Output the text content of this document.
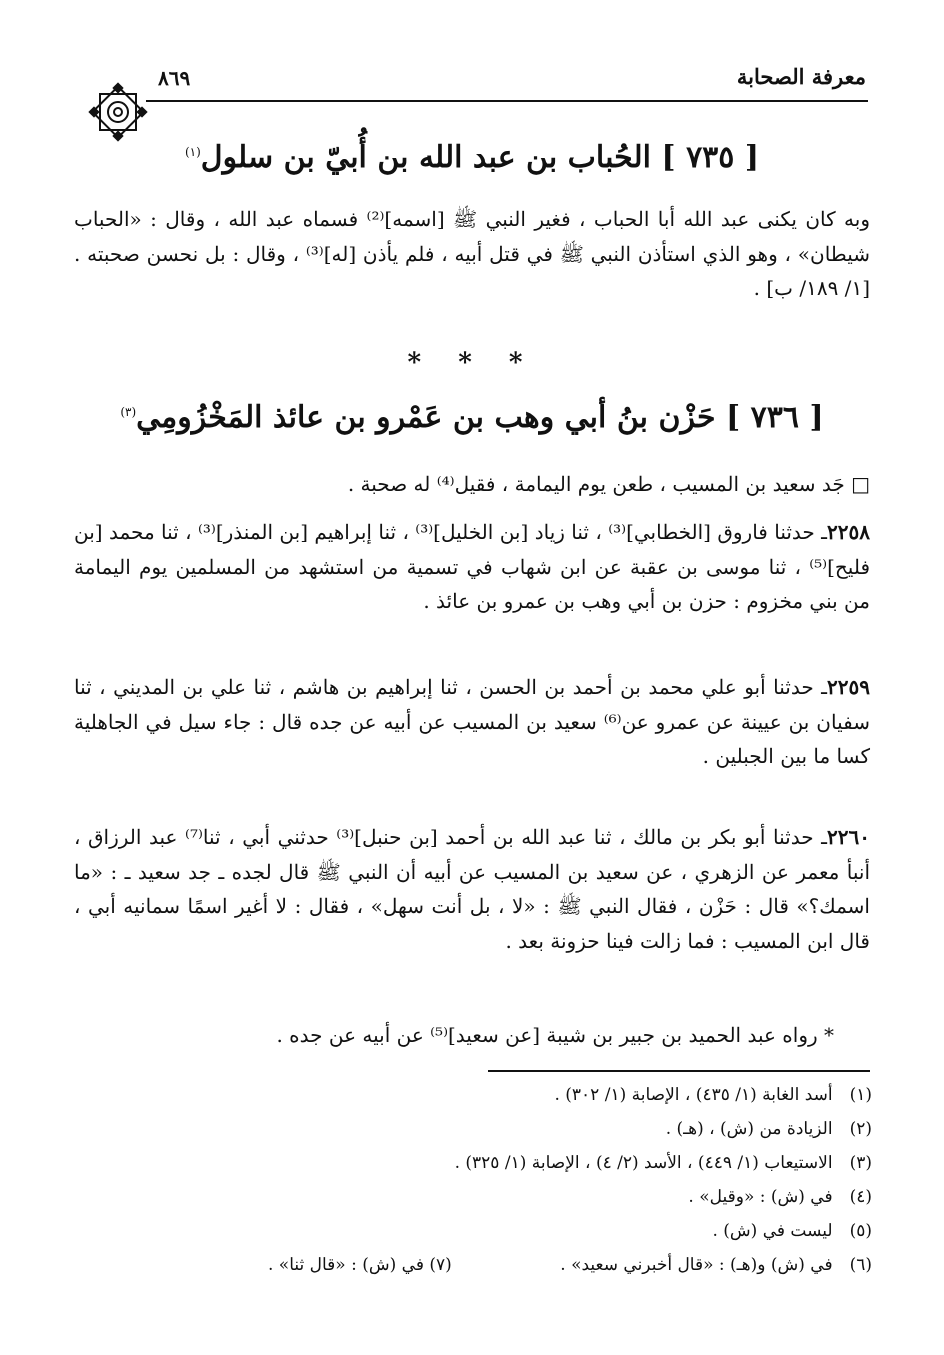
معرفة الصحابة
٨٦٩
[ ٧٣٥ ] الحُباب بن عبد الله بن أُبيّ بن سلول$^{(١)}$

وبه كان يكنى عبد الله أبا الحباب ، فغير النبي ﷺ [اسمه]⁽²⁾ فسماه عبد الله ، وقال : «الحباب شيطان» ، وهو الذي استأذن النبي ﷺ في قتل أبيه ، فلم يأذن [له]⁽³⁾ ، وقال : بل نحسن صحبته . [١/ ١٨٩/ ب] .

* * *
[ ٧٣٦ ] حَزْن بنُ أبي وهب بن عَمْرو بن عائذ المَخْزُومِي$^{(٣)}$

□ جَد سعيد بن المسيب ، طعن يوم اليمامة ، فقيل⁽⁴⁾ له صحبة .

٢٢٥٨ـ حدثنا فاروق [الخطابي]⁽³⁾ ، ثنا زياد [بن الخليل]⁽³⁾ ، ثنا إبراهيم [بن المنذر]⁽³⁾ ، ثنا محمد [بن فليح]⁽⁵⁾ ، ثنا موسى بن عقبة عن ابن شهاب في تسمية من استشهد من المسلمين يوم اليمامة من بني مخزوم : حزن بن أبي وهب بن عمرو بن عائذ .

٢٢٥٩ـ حدثنا أبو علي محمد بن أحمد بن الحسن ، ثنا إبراهيم بن هاشم ، ثنا علي بن المديني ، ثنا سفيان بن عيينة عن عمرو عن⁽⁶⁾ سعيد بن المسيب عن أبيه عن جده قال : جاء سيل في الجاهلية كسا ما بين الجبلين .

٢٢٦٠ـ حدثنا أبو بكر بن مالك ، ثنا عبد الله بن أحمد [بن حنبل]⁽³⁾ حدثني أبي ، ثنا⁽⁷⁾ عبد الرزاق ، أنبأ معمر عن الزهري ، عن سعيد بن المسيب عن أبيه أن النبي ﷺ قال لجده ـ جد سعيد ـ : «ما اسمك؟» قال : حَزْن ، فقال النبي ﷺ : «لا ، بل أنت سهل» ، فقال : لا أغير اسمًا سمانيه أبي ، قال ابن المسيب : فما زالت فينا حزونة بعد .

* رواه عبد الحميد بن جبير بن شيبة [عن سعيد]⁽⁵⁾ عن أبيه عن جده .

(١) أسد الغابة (١/ ٤٣٥) ، الإصابة (١/ ٣٠٢) .
(٢) الزيادة من (ش) ، (هـ) .
(٣) الاستيعاب (١/ ٤٤٩) ، الأسد (٢/ ٤) ، الإصابة (١/ ٣٢٥) .
(٤) في (ش) : «وقيل» .
(٥) ليست في (ش) .
(٦) في (ش) و(هـ) : «قال أخبرني سعيد» .
(٧) في (ش) : «قال ثنا» .
